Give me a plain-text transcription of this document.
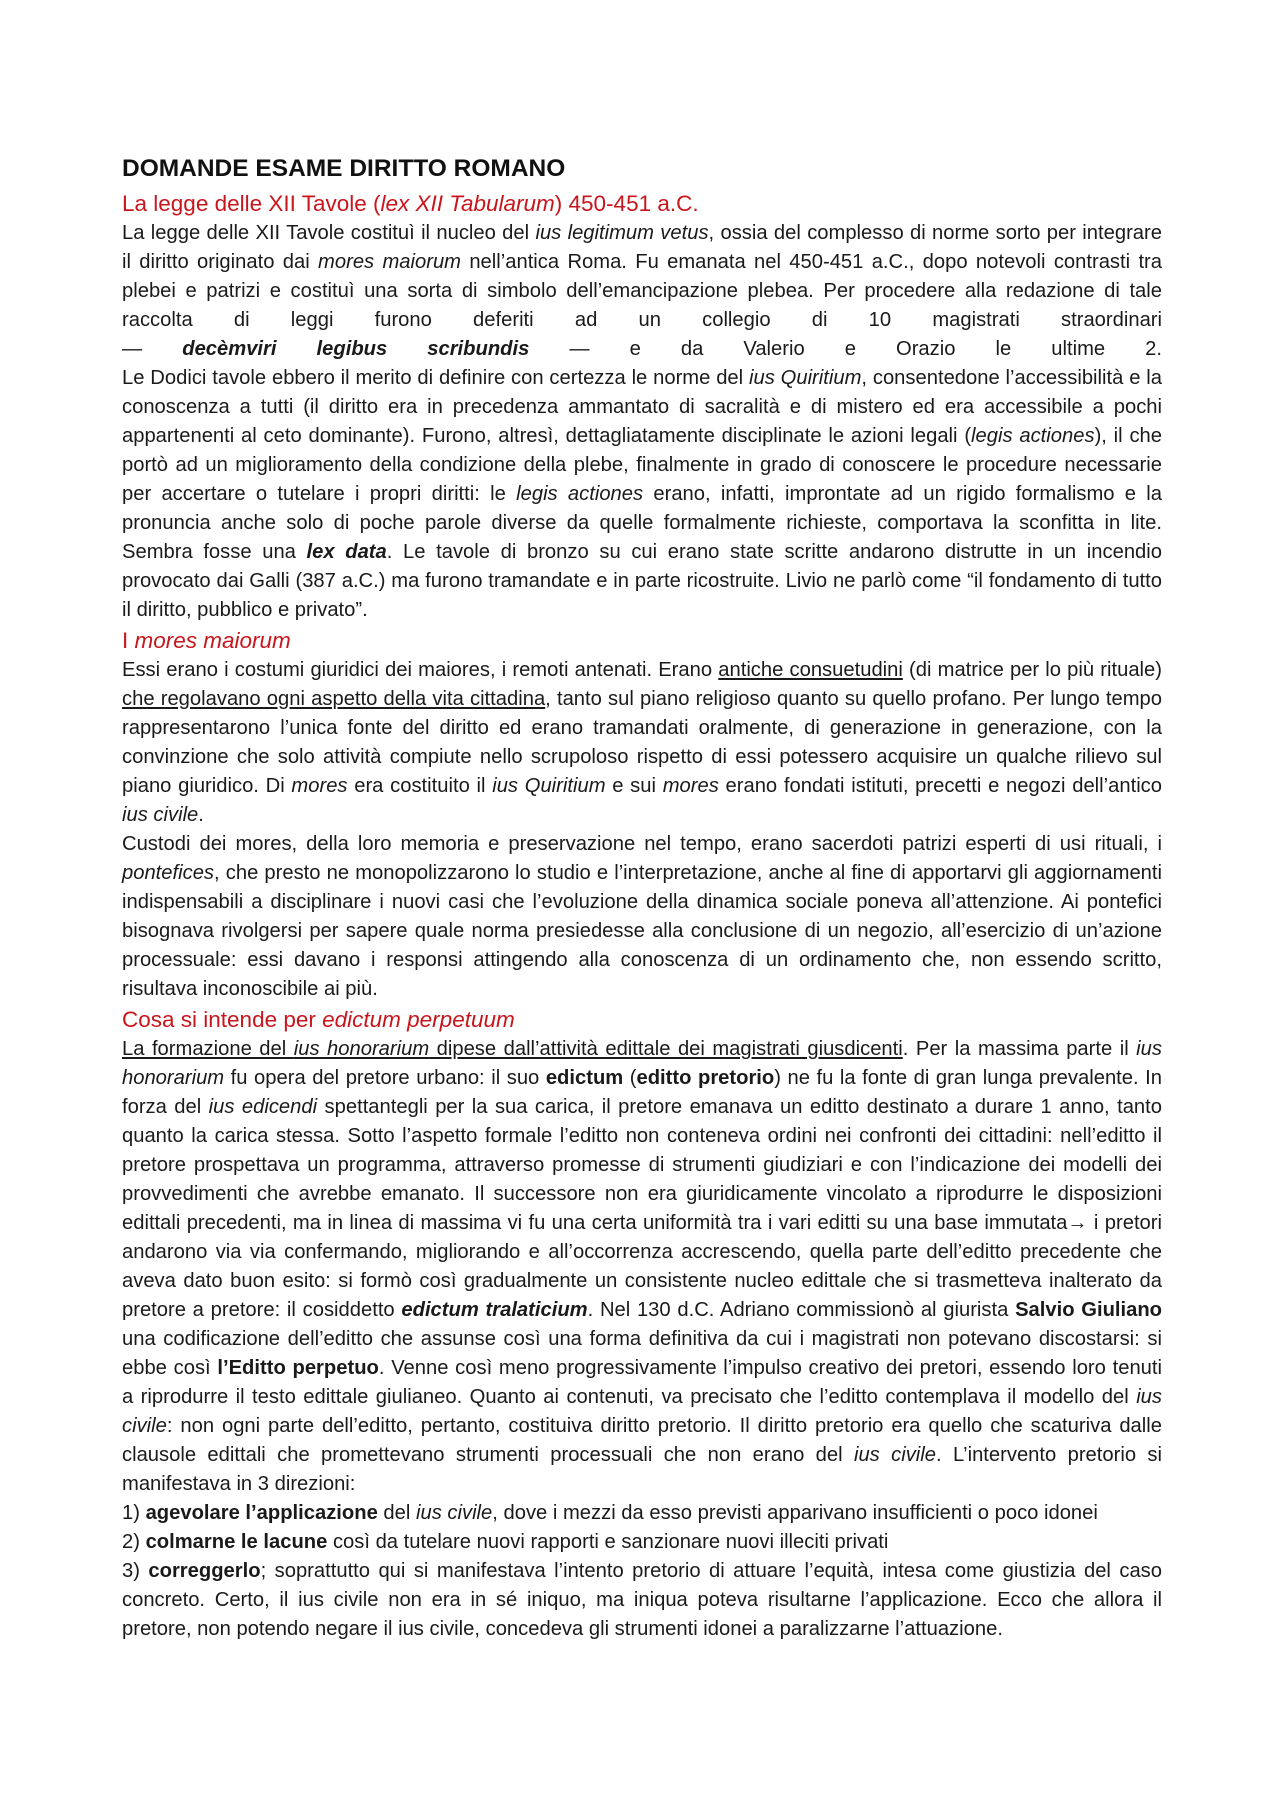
DOMANDE ESAME DIRITTO ROMANO
La legge delle XII Tavole (lex XII Tabularum) 450-451 a.C.

La legge delle XII Tavole costituì il nucleo del ius legitimum vetus, ossia del complesso di norme sorto per integrare il diritto originato dai mores maiorum nell’antica Roma. Fu emanata nel 450-451 a.C., dopo notevoli contrasti tra plebei e patrizi e costituì una sorta di simbolo dell’emancipazione plebea. Per procedere alla redazione di tale raccolta di leggi furono deferiti ad un collegio di 10 magistrati straordinari

— decèmviri legibus scribundis — e da Valerio e Orazio le ultime 2.

Le Dodici tavole ebbero il merito di definire con certezza le norme del ius Quiritium, consentedone l’accessibilità e la conoscenza a tutti (il diritto era in precedenza ammantato di sacralità e di mistero ed era accessibile a pochi appartenenti al ceto dominante). Furono, altresì, dettagliatamente disciplinate le azioni legali (legis actiones), il che portò ad un miglioramento della condizione della plebe, finalmente in grado di conoscere le procedure necessarie per accertare o tutelare i propri diritti: le legis actiones erano, infatti, improntate ad un rigido formalismo e la pronuncia anche solo di poche parole diverse da quelle formalmente richieste, comportava la sconfitta in lite. Sembra fosse una lex data. Le tavole di bronzo su cui erano state scritte andarono distrutte in un incendio provocato dai Galli (387 a.C.) ma furono tramandate e in parte ricostruite. Livio ne parlò come “il fondamento di tutto il diritto, pubblico e privato”.

I mores maiorum

Essi erano i costumi giuridici dei maiores, i remoti antenati. Erano antiche consuetudini (di matrice per lo più rituale) che regolavano ogni aspetto della vita cittadina, tanto sul piano religioso quanto su quello profano. Per lungo tempo rappresentarono l’unica fonte del diritto ed erano tramandati oralmente, di generazione in generazione, con la convinzione che solo attività compiute nello scrupoloso rispetto di essi potessero acquisire un qualche rilievo sul piano giuridico. Di mores era costituito il ius Quiritium e sui mores erano fondati istituti, precetti e negozi dell’antico ius civile.

Custodi dei mores, della loro memoria e preservazione nel tempo, erano sacerdoti patrizi esperti di usi rituali, i pontefices, che presto ne monopolizzarono lo studio e l’interpretazione, anche al fine di apportarvi gli aggiornamenti indispensabili a disciplinare i nuovi casi che l’evoluzione della dinamica sociale poneva all’attenzione. Ai pontefici bisognava rivolgersi per sapere quale norma presiedesse alla conclusione di un negozio, all’esercizio di un’azione processuale: essi davano i responsi attingendo alla conoscenza di un ordinamento che, non essendo scritto, risultava inconoscibile ai più.

Cosa si intende per edictum perpetuum

La formazione del ius honorarium dipese dall’attività edittale dei magistrati giusdicenti. Per la massima parte il ius honorarium fu opera del pretore urbano: il suo edictum (editto pretorio) ne fu la fonte di gran lunga prevalente. In forza del ius edicendi spettantegli per la sua carica, il pretore emanava un editto destinato a durare 1 anno, tanto quanto la carica stessa. Sotto l’aspetto formale l’editto non conteneva ordini nei confronti dei cittadini: nell’editto il pretore prospettava un programma, attraverso promesse di strumenti giudiziari e con l’indicazione dei modelli dei provvedimenti che avrebbe emanato. Il successore non era giuridicamente vincolato a riprodurre le disposizioni edittali precedenti, ma in linea di massima vi fu una certa uniformità tra i vari editti su una base immutata→ i pretori andarono via via confermando, migliorando e all’occorrenza accrescendo, quella parte dell’editto precedente che aveva dato buon esito: si formò così gradualmente un consistente nucleo edittale che si trasmetteva inalterato da pretore a pretore: il cosiddetto edictum tralaticium. Nel 130 d.C. Adriano commissionò al giurista Salvio Giuliano una codificazione dell’editto che assunse così una forma definitiva da cui i magistrati non potevano discostarsi: si ebbe così l’Editto perpetuo. Venne così meno progressivamente l’impulso creativo dei pretori, essendo loro tenuti a riprodurre il testo edittale giulianeo. Quanto ai contenuti, va precisato che l’editto contemplava il modello del ius civile: non ogni parte dell’editto, pertanto, costituiva diritto pretorio. Il diritto pretorio era quello che scaturiva dalle clausole edittali che promettevano strumenti processuali che non erano del ius civile. L’intervento pretorio si manifestava in 3 direzioni:

1) agevolare l’applicazione del ius civile, dove i mezzi da esso previsti apparivano insufficienti o poco idonei

2) colmarne le lacune così da tutelare nuovi rapporti e sanzionare nuovi illeciti privati

3) correggerlo; soprattutto qui si manifestava l’intento pretorio di attuare l’equità, intesa come giustizia del caso concreto. Certo, il ius civile non era in sé iniquo, ma iniqua poteva risultarne l’applicazione. Ecco che allora il pretore, non potendo negare il ius civile, concedeva gli strumenti idonei a paralizzarne l’attuazione.
